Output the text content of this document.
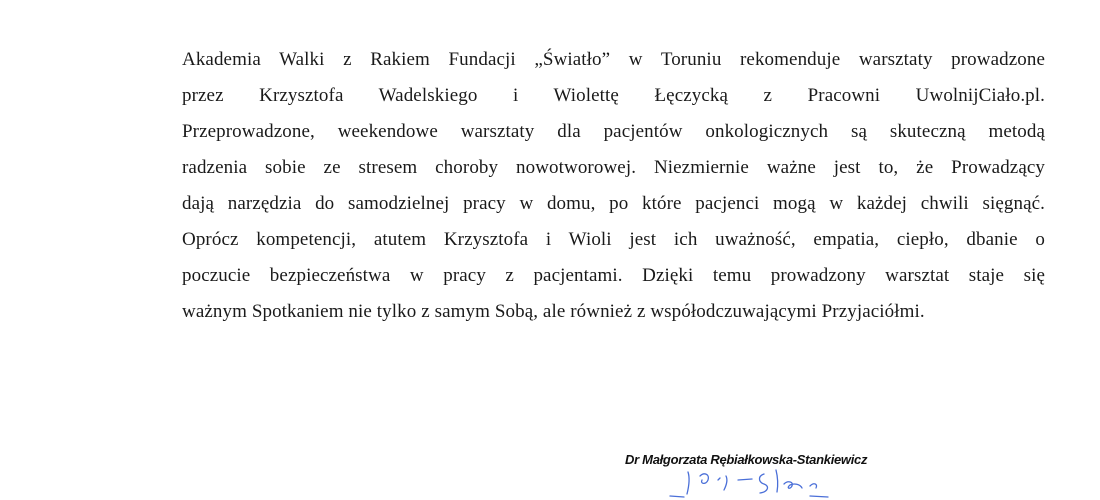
Akademia Walki z Rakiem Fundacji „Światło” w Toruniu rekomenduje warsztaty prowadzone
przez Krzysztofa Wadelskiego i Wiolettę Łęczycką z Pracowni UwolnijCiało.pl.
Przeprowadzone, weekendowe warsztaty dla pacjentów onkologicznych są skuteczną metodą
radzenia sobie ze stresem choroby nowotworowej. Niezmiernie ważne jest to, że Prowadzący
dają narzędzia do samodzielnej pracy w domu, po które pacjenci mogą w każdej chwili sięgnąć.
Oprócz kompetencji, atutem Krzysztofa i Wioli jest ich uważność, empatia, ciepło, dbanie o
poczucie bezpieczeństwa w pracy z pacjentami. Dzięki temu prowadzony warsztat staje się
ważnym Spotkaniem nie tylko z samym Sobą, ale również z współodczuwającymi Przyjaciółmi.

Dr Małgorzata Rębiałkowska-Stankiewicz
